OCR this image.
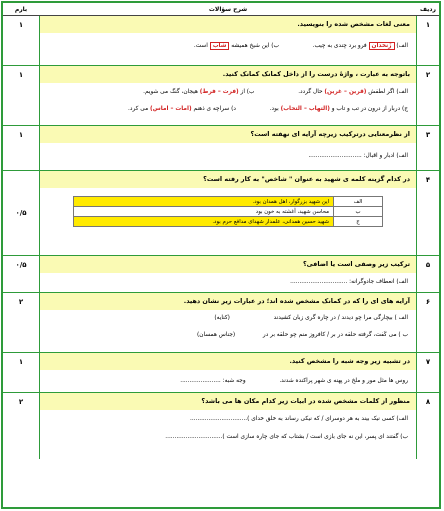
ردیف
شرح سؤالات
بارم
۱
معنی لغات مشخص شده را بنویسید.
الف) زَنخدان فرو برد چندی به چیب.  ب) این شیخ همیشه شاب است.
۱
۲
باتوجه به عبارت ، واژهٔ درست را از داخل کمانک کمانک کنید.
الف) اگر لطفش (قرین – غرین) حال گردد.  ب) از (فرت – فرط) هیجان، گنگ می شویم.
ج) دربار از درون در تب و تاب و (التهاب – التحاب) بود.  د) سراچه ی ذهنم (امات – اماس) می کرد.
۱
۳
از نظرمعنایی درترکیب زیرچه آرایه ای نهفته است؟
الف) ادبار و اقبال: .............................
۱
۴
در کدام گزینه کلمه ی شهید به عنوان " شاخص" به کار رفته است؟
الف	این شهید بزرگوار، اهل همدان بود.
ب	محاسن شهید، آغشته به خون بود
ج	شهید حسین همدانی، علمدار شهدای مدافع حرم بود.
۰/۵
۵
ترکیب زیر وصفی است یا اضافی؟
الف) انعطاف جادوگرانه: ...............................
۰/۵
۶
آرایه های ای را که در کمانک مشخص شده اند؛ در عبارات زیر نشان دهید.
الف ) بیچارگی مرا چو دیدند / در چاره گری زبان کشیدند  (کنایه)
ب ) می کَفت، گرفته حلقه در بر / کافروز منم چو حلقه بر در  (جناس همسان)
۲
۷
در تشبیه زیر وجه شبه را مشخص کنید.
روس ها مثل مور و ملخ در پهنه ی شهر پراکنده شدند.  وجه شبه: ......................
۱
۸
منظور از کلمات مشخص شده در ابیات زیر کدام مکان ها می باشد؟
الف) کسی نیک بیند به هر دوسرای / که نیکی رساند به خلق خدای )...............................
ب) گفتند ای پسر، این نه جای بازی است / بشتاب که جای چاره سازی است )...............................
۲
